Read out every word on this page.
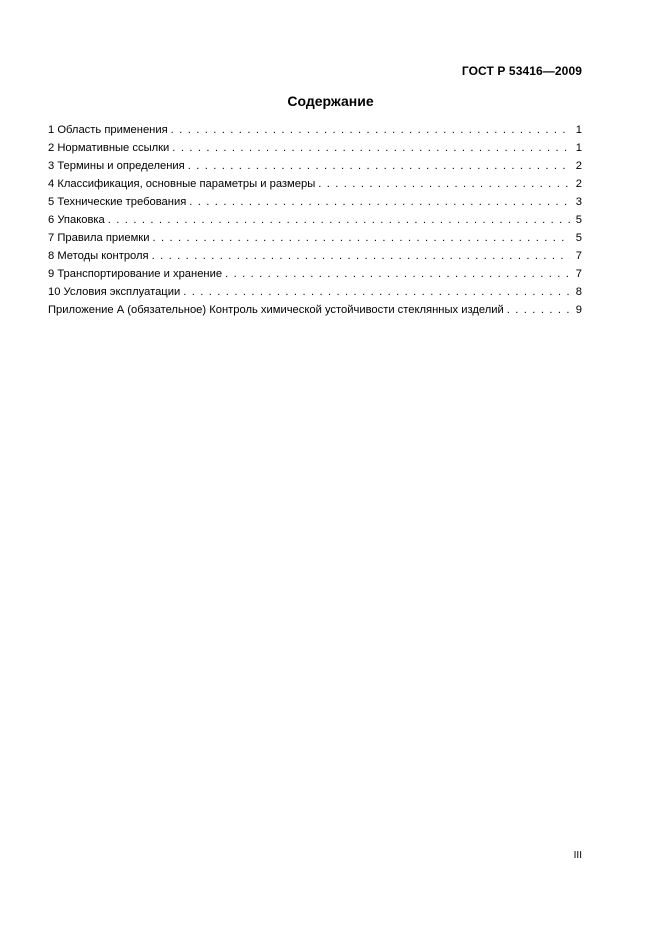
ГОСТ Р 53416—2009
Содержание
1 Область применения . . .	1
2 Нормативные ссылки . . .	1
3 Термины и определения . . .	2
4 Классификация, основные параметры и размеры . . .	2
5 Технические требования . . .	3
6 Упаковка . . .	5
7 Правила приемки . . .	5
8 Методы контроля . . .	7
9 Транспортирование и хранение . . .	7
10 Условия эксплуатации . . .	8
Приложение А (обязательное) Контроль химической устойчивости стеклянных изделий . . .	9
III
